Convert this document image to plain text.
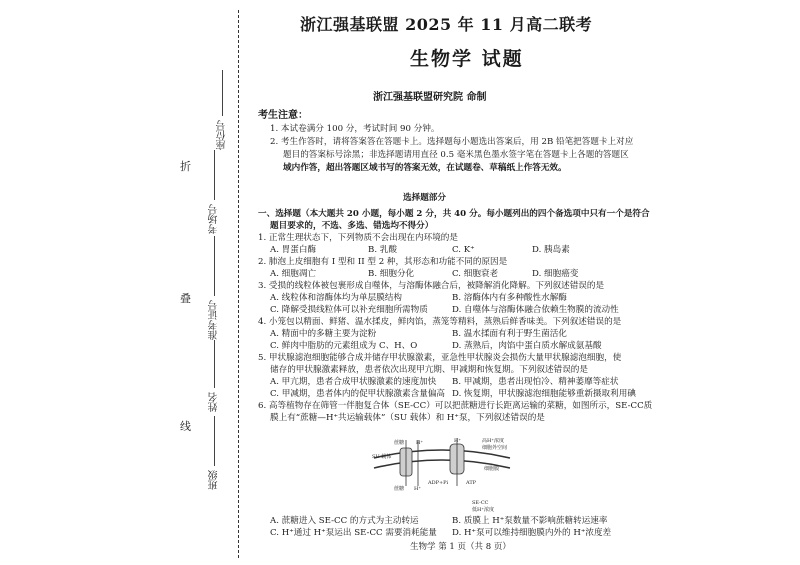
折
叠
线
座位号
考场号
准考证号
姓名
班级
浙江强基联盟 2025 年 11 月高二联考
生物学 试题
浙江强基联盟研究院 命制
考生注意：
1. 本试卷满分 100 分，考试时间 90 分钟。
2. 考生作答时，请将答案答在答题卡上。选择题每小题选出答案后，用 2B 铅笔把答题卡上对应
题目的答案标号涂黑；非选择题请用直径 0.5 毫米黑色墨水签字笔在答题卡上各题的答题区
域内作答，超出答题区域书写的答案无效，在试题卷、草稿纸上作答无效。
选择题部分
一、选择题（本大题共 20 小题，每小题 2 分，共 40 分。每小题列出的四个备选项中只有一个是符合
题目要求的，不选、多选、错选均不得分）
1. 正常生理状态下，下列物质不会出现在内环境的是
A. 胃蛋白酶	B. 乳酸	C. K⁺	D. 胰岛素
2. 肺泡上皮细胞有 I 型和 II 型 2 种，其形态和功能不同的原因是
A. 细胞凋亡	B. 细胞分化	C. 细胞衰老	D. 细胞癌变
3. 受损的线粒体被包裹形成自噬体，与溶酶体融合后，被降解消化降解。下列叙述错误的是
A. 线粒体和溶酶体均为单层膜结构	B. 溶酶体内有多种酸性水解酶
C. 降解受损线粒体可以补充细胞所需物质	D. 自噬体与溶酶体融合依赖生物膜的流动性
4. 小笼包以精面、鲜猪、温水揉皮，鲜肉馅，蒸笼等精料，蒸熟后鲜香味美。下列叙述错误的是
A. 精面中的多糖主要为淀粉	B. 温水揉面有利于野生菌活化
C. 鲜肉中脂肪的元素组成为 C、H、O	D. 蒸熟后，肉馅中蛋白质水解成氨基酸
5. 甲状腺滤泡细胞能够合成并储存甲状腺激素，亚急性甲状腺炎会损伤大量甲状腺滤泡细胞，使
储存的甲状腺激素释放，患者依次出现甲亢期、甲减期和恢复期。下列叙述错误的是
A. 甲亢期，患者合成甲状腺激素的速度加快 B. 甲减期，患者出现怕冷、精神萎靡等症状
C. 甲减期，患者体内的促甲状腺激素含量偏高 D. 恢复期，甲状腺滤泡细胞能够重新摄取利用碘
6. 高等植物存在筛管一伴胞复合体（SE-CC）可以把蔗糖进行长距离运输的菜糖，如图所示，SE-CC质
膜上有“蔗糖—H⁺共运输载体”（SU 载体）和 H⁺泵，下列叙述错误的是
SU 载体
蔗糖 H⁺
蔗糖 H⁺
ADP+Pi
H⁺
ATP
高H⁺浓度
细胞外空间
细胞膜
SE-CC
低H⁺浓度
A. 蔗糖进入 SE-CC 的方式为主动转运	B. 质膜上 H⁺泵数量不影响蔗糖转运速率
C. H⁺通过 H⁺泵运出 SE-CC 需要消耗能量 D. H⁺泵可以维持细胞膜内外的 H⁺浓度差
生物学 第 1 页（共 8 页）
